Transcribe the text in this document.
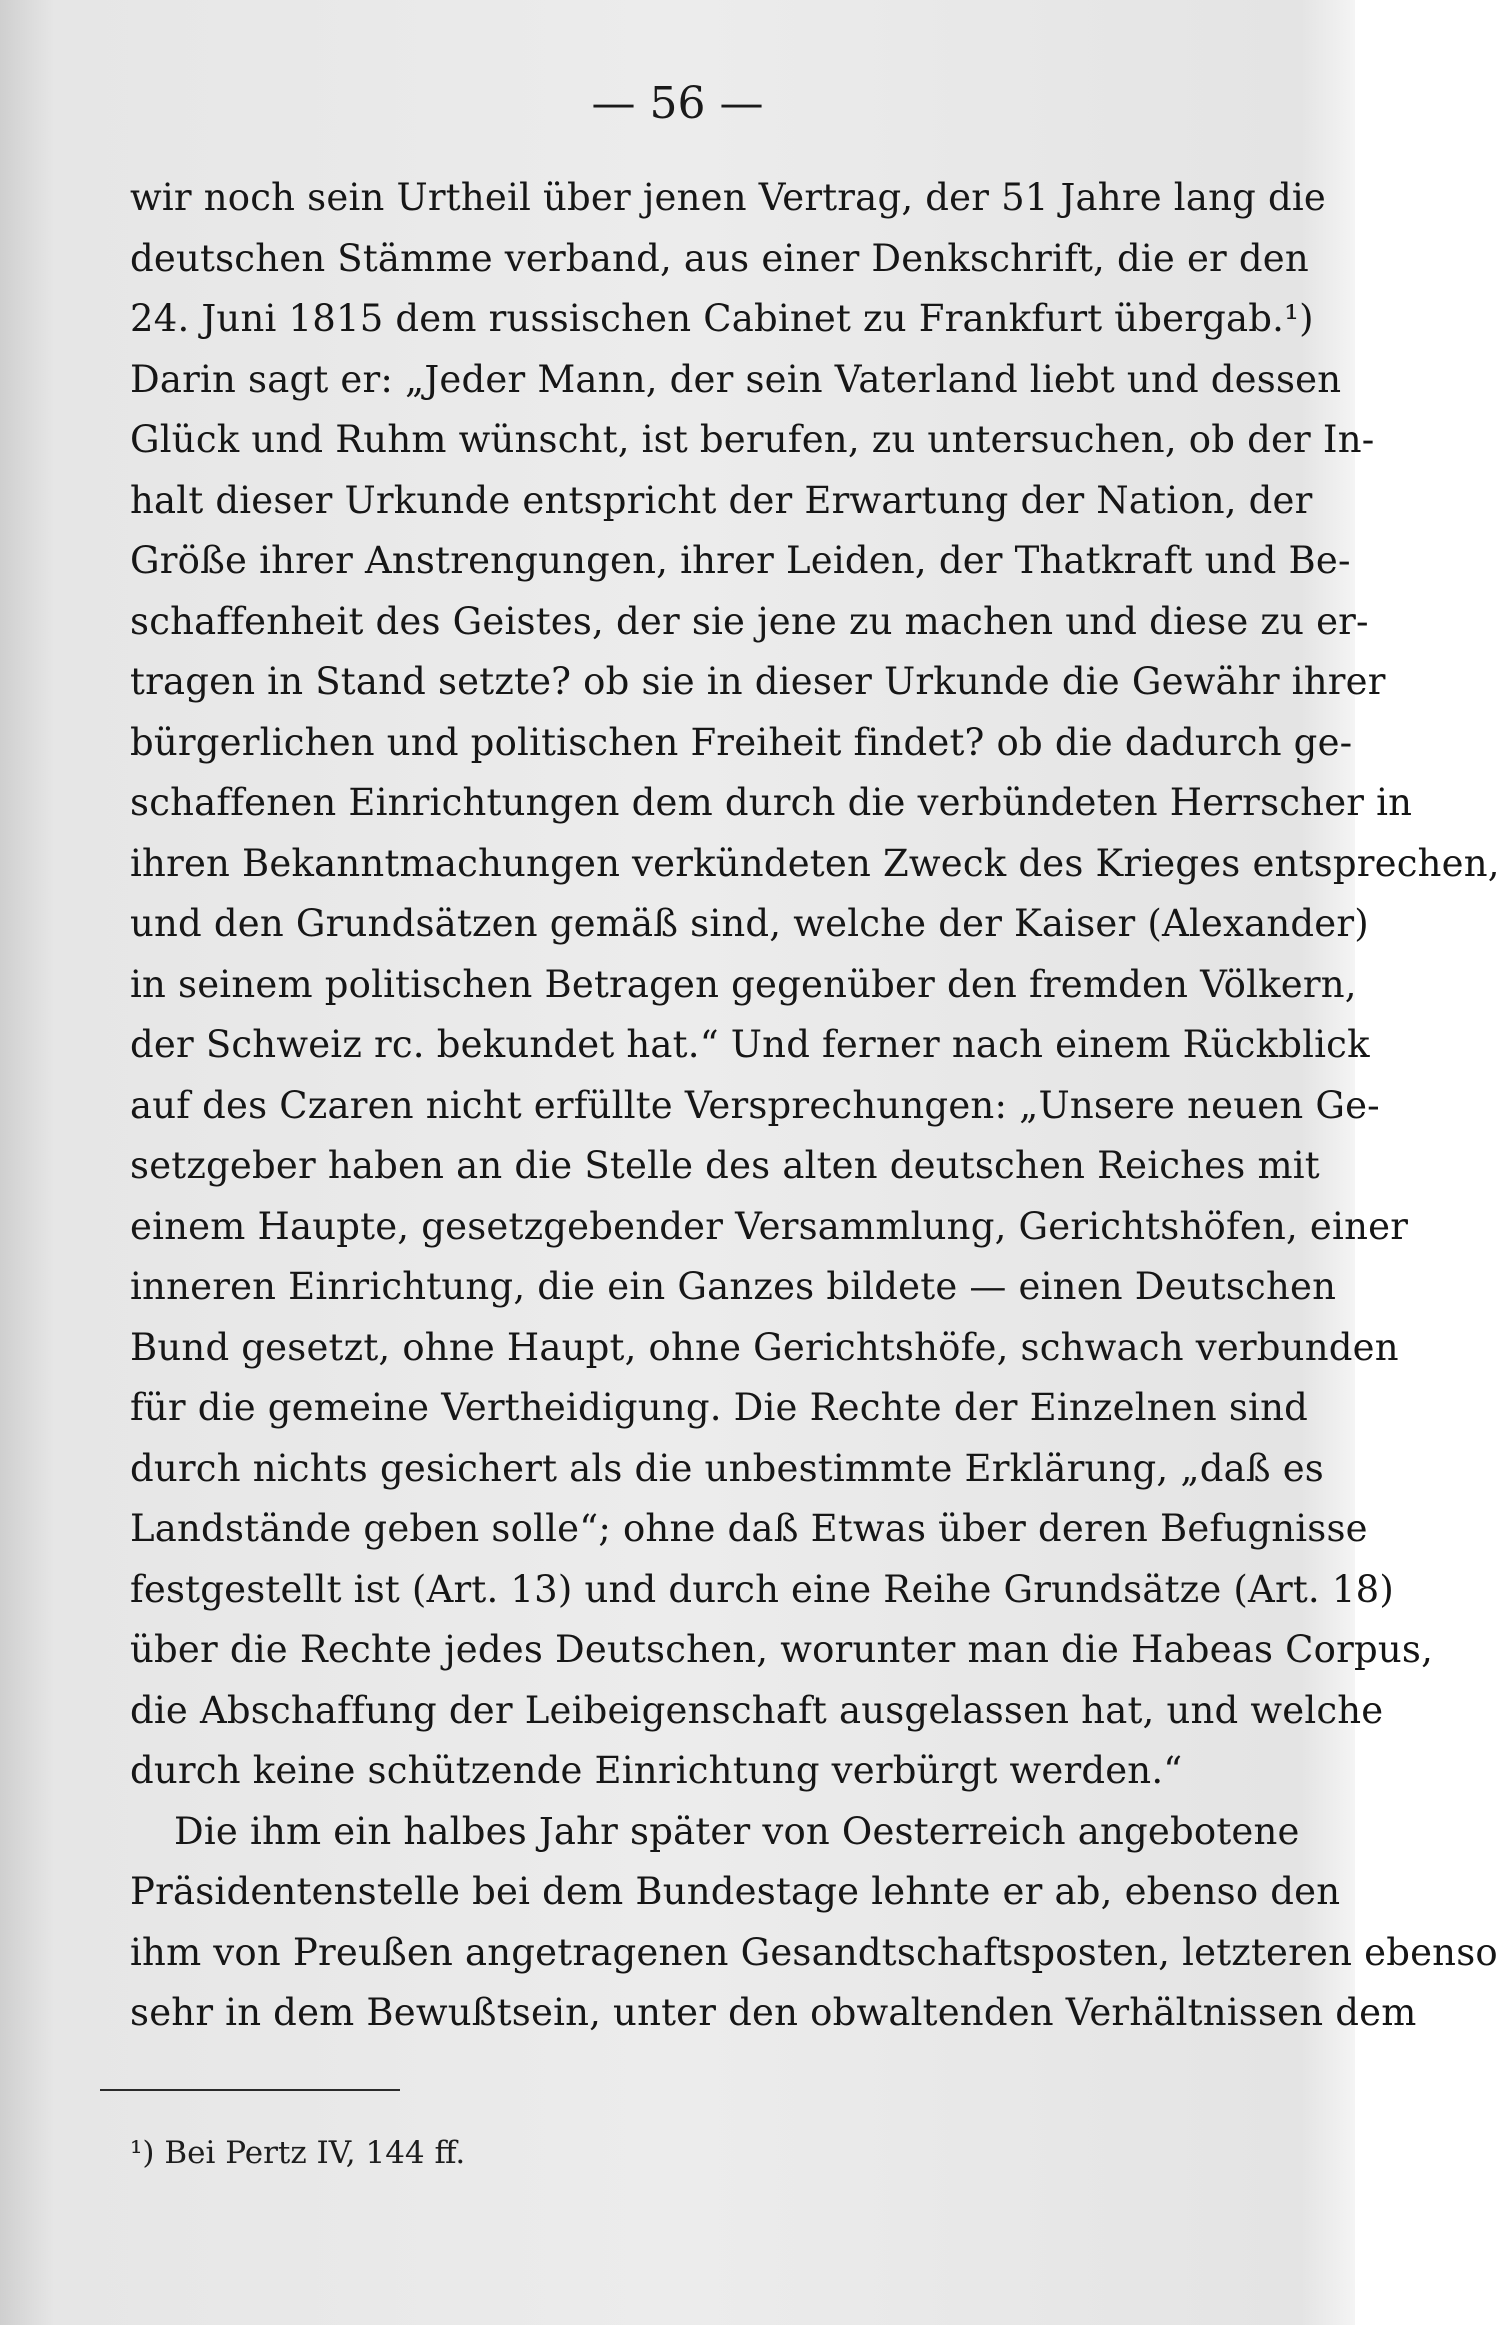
— 56 —
wir noch sein Urtheil über jenen Vertrag, der 51 Jahre lang die
deutschen Stämme verband, aus einer Denkschrift, die er den
24. Juni 1815 dem russischen Cabinet zu Frankfurt übergab.¹)
Darin sagt er: „Jeder Mann, der sein Vaterland liebt und dessen
Glück und Ruhm wünscht, ist berufen, zu untersuchen, ob der In-
halt dieser Urkunde entspricht der Erwartung der Nation, der
Größe ihrer Anstrengungen, ihrer Leiden, der Thatkraft und Be-
schaffenheit des Geistes, der sie jene zu machen und diese zu er-
tragen in Stand setzte? ob sie in dieser Urkunde die Gewähr ihrer
bürgerlichen und politischen Freiheit findet? ob die dadurch ge-
schaffenen Einrichtungen dem durch die verbündeten Herrscher in
ihren Bekanntmachungen verkündeten Zweck des Krieges entsprechen,
und den Grundsätzen gemäß sind, welche der Kaiser (Alexander)
in seinem politischen Betragen gegenüber den fremden Völkern,
der Schweiz rc. bekundet hat.“ Und ferner nach einem Rückblick
auf des Czaren nicht erfüllte Versprechungen: „Unsere neuen Ge-
setzgeber haben an die Stelle des alten deutschen Reiches mit
einem Haupte, gesetzgebender Versammlung, Gerichtshöfen, einer
inneren Einrichtung, die ein Ganzes bildete — einen Deutschen
Bund gesetzt, ohne Haupt, ohne Gerichtshöfe, schwach verbunden
für die gemeine Vertheidigung. Die Rechte der Einzelnen sind
durch nichts gesichert als die unbestimmte Erklärung, „daß es
Landstände geben solle“; ohne daß Etwas über deren Befugnisse
festgestellt ist (Art. 13) und durch eine Reihe Grundsätze (Art. 18)
über die Rechte jedes Deutschen, worunter man die Habeas Corpus,
die Abschaffung der Leibeigenschaft ausgelassen hat, und welche
durch keine schützende Einrichtung verbürgt werden.“
Die ihm ein halbes Jahr später von Oesterreich angebotene
Präsidentenstelle bei dem Bundestage lehnte er ab, ebenso den
ihm von Preußen angetragenen Gesandtschaftsposten, letzteren ebenso
sehr in dem Bewußtsein, unter den obwaltenden Verhältnissen dem
¹) Bei Pertz IV, 144 ff.
